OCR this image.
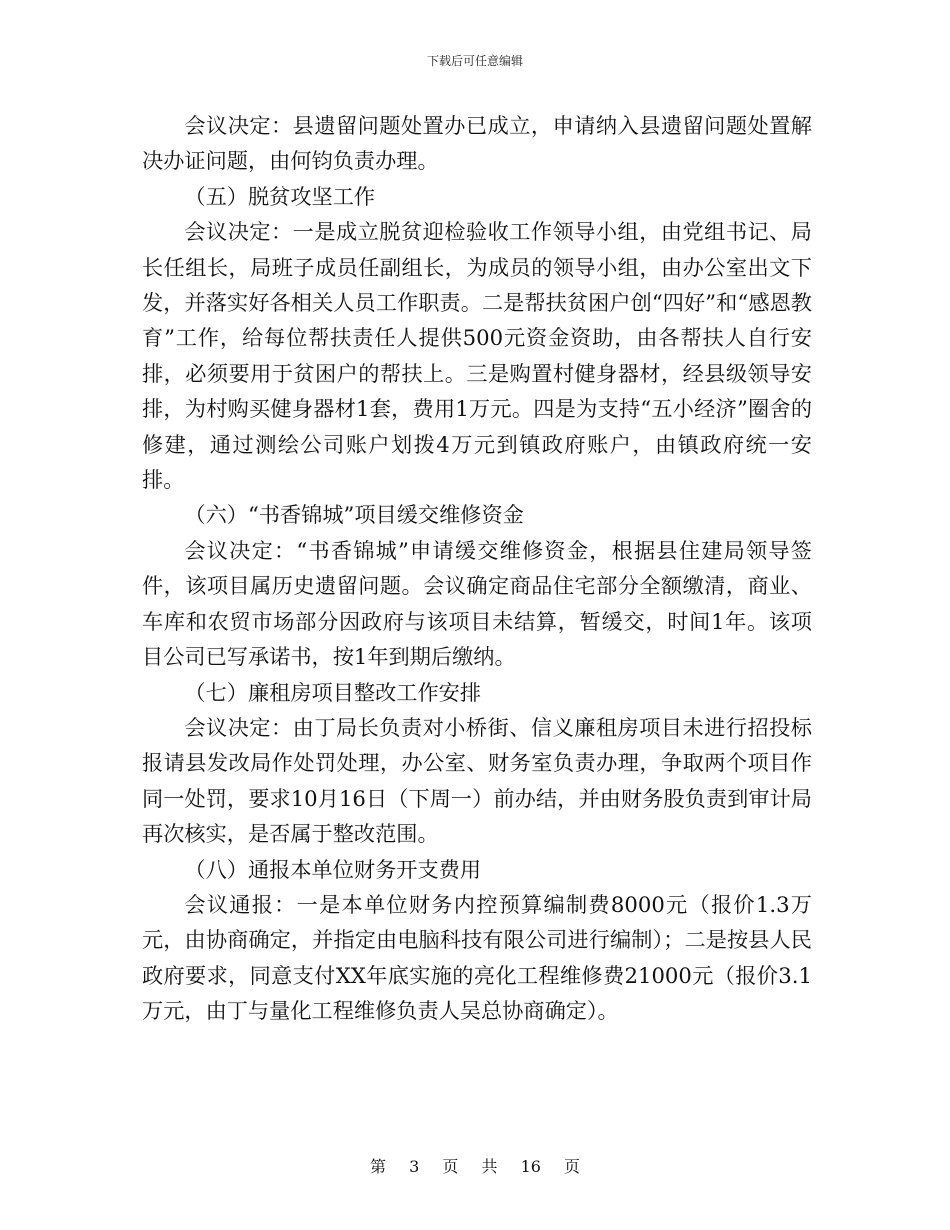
下载后可任意编辑

会议决定：县遗留问题处置办已成立，申请纳入县遗留问题处置解决办证问题，由何钧负责办理。

（五）脱贫攻坚工作

会议决定：一是成立脱贫迎检验收工作领导小组，由党组书记、局长任组长，局班子成员任副组长，为成员的领导小组，由办公室出文下发，并落实好各相关人员工作职责。二是帮扶贫困户创“四好”和“感恩教育”工作，给每位帮扶责任人提供500元资金资助，由各帮扶人自行安排，必须要用于贫困户的帮扶上。三是购置村健身器材，经县级领导安排，为村购买健身器材1套，费用1万元。四是为支持“五小经济”圈舍的修建，通过测绘公司账户划拨4万元到镇政府账户，由镇政府统一安排。

（六）“书香锦城”项目缓交维修资金

会议决定：“书香锦城”申请缓交维修资金，根据县住建局领导签件，该项目属历史遗留问题。会议确定商品住宅部分全额缴清，商业、车库和农贸市场部分因政府与该项目未结算，暂缓交，时间1年。该项目公司已写承诺书，按1年到期后缴纳。

（七）廉租房项目整改工作安排

会议决定：由丁局长负责对小桥街、信义廉租房项目未进行招投标报请县发改局作处罚处理，办公室、财务室负责办理，争取两个项目作同一处罚，要求10月16日（下周一）前办结，并由财务股负责到审计局再次核实，是否属于整改范围。

（八）通报本单位财务开支费用

会议通报：一是本单位财务内控预算编制费8000元（报价1.3万元，由协商确定，并指定由电脑科技有限公司进行编制）；二是按县人民政府要求，同意支付XX年底实施的亮化工程维修费21000元（报价3.1万元，由丁与量化工程维修负责人吴总协商确定）。

第 3 页 共 16 页
